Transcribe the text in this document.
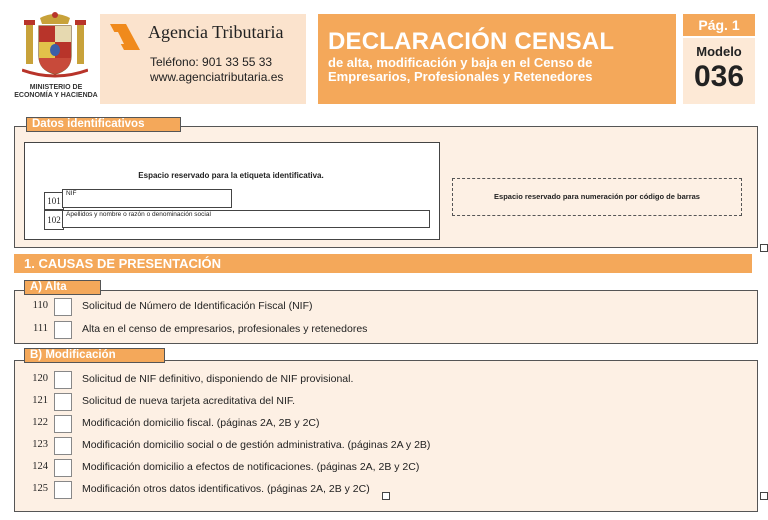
MINISTERIO DE ECONOMÍA Y HACIENDA
Agencia Tributaria
Teléfono: 901 33 55 33
www.agenciatributaria.es
DECLARACIÓN CENSAL
de alta, modificación y baja en el Censo de Empresarios, Profesionales y Retenedores
Pág. 1
Modelo
036
Datos identificativos
Espacio reservado para la etiqueta identificativa.
101
NIF
102
Apellidos y nombre o razón o denominación social
Espacio reservado para numeración por código de barras
1. CAUSAS DE PRESENTACIÓN
A) Alta
110	Solicitud de Número de Identificación Fiscal (NIF)
111	Alta en el censo de empresarios, profesionales y retenedores
B) Modificación
120	Solicitud de NIF definitivo, disponiendo de NIF provisional.
121	Solicitud de nueva tarjeta acreditativa del NIF.
122	Modificación domicilio fiscal. (páginas 2A, 2B y 2C)
123	Modificación domicilio social o de gestión administrativa. (páginas 2A y 2B)
124	Modificación domicilio a efectos de notificaciones. (páginas 2A, 2B y 2C)
125	Modificación otros datos identificativos. (páginas 2A, 2B y 2C)
